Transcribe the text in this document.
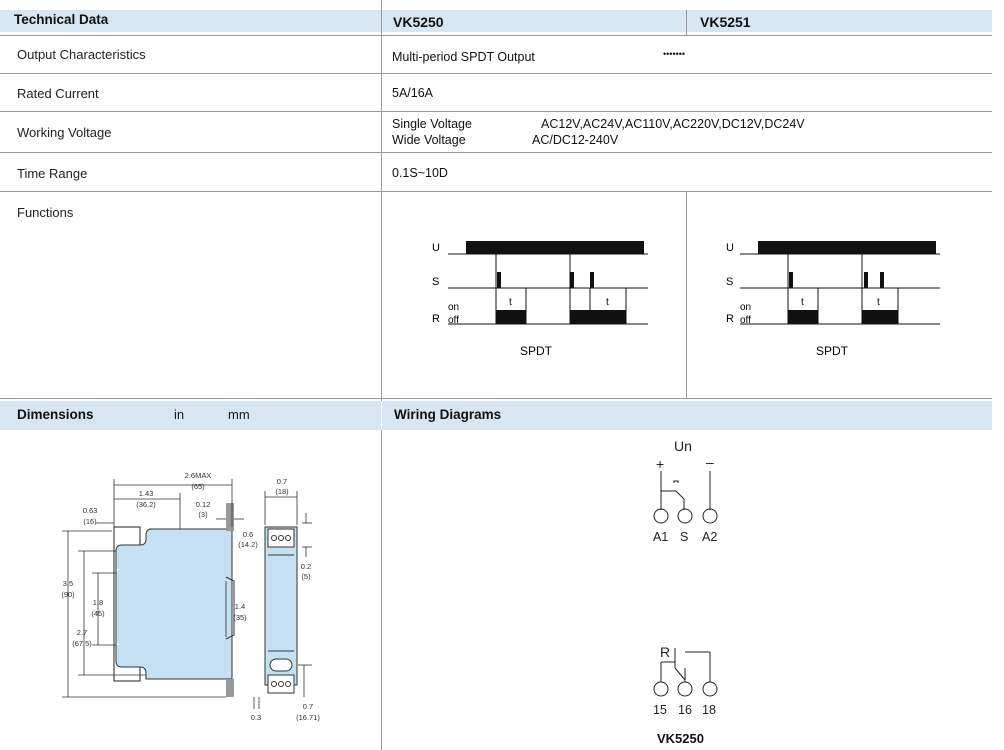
Technical Data	VK5250	VK5251
Output Characteristics	Multi-period SPDT Output	•••••••
Rated Current	5A/16A
Working Voltage
Single Voltage	AC12V,AC24V,AC110V,AC220V,DC12V,DC24V
Wide Voltage	AC/DC12-240V
Time Range	0.1S~10D
Functions
U
S
R
on
off
t	t
SPDT
U
S
R
on
off
t	t
SPDT
Dimensions	in	mm	Wiring Diagrams
2.6MAX
(65)
1.43
(36.2)
0.63
(16)
0.12
(3)
0.7
(18)
0.6
(14.2)
0.2
(5)
3.5
(90)
1.8
(45)
1.4
(35)
2.7
(67.5)
0.3
0.7
(16.71)
Un
+	–
A1 S A2
R
15 16 18
VK5250
